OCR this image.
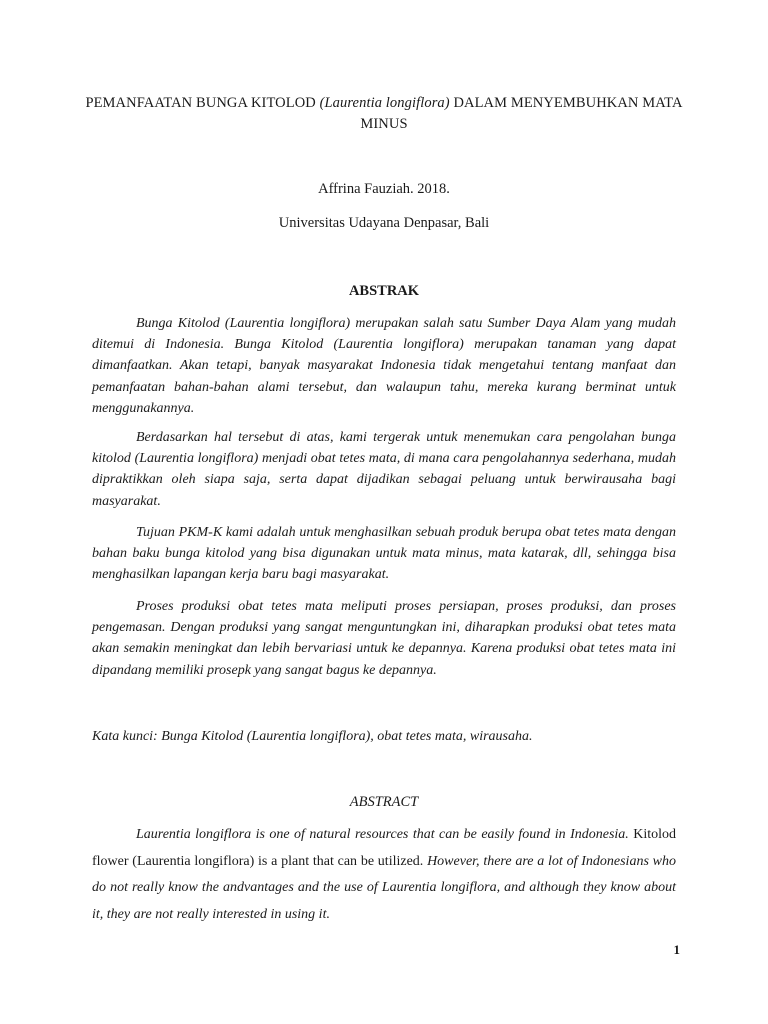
PEMANFAATAN BUNGA KITOLOD (Laurentia longiflora) DALAM MENYEMBUHKAN MATA MINUS
Affrina Fauziah. 2018.
Universitas Udayana Denpasar, Bali
ABSTRAK

Bunga Kitolod (Laurentia longiflora) merupakan salah satu Sumber Daya Alam yang mudah ditemui di Indonesia. Bunga Kitolod (Laurentia longiflora) merupakan tanaman yang dapat dimanfaatkan. Akan tetapi, banyak masyarakat Indonesia tidak mengetahui tentang manfaat dan pemanfaatan bahan-bahan alami tersebut, dan walaupun tahu, mereka kurang berminat untuk menggunakannya.

Berdasarkan hal tersebut di atas, kami tergerak untuk menemukan cara pengolahan bunga kitolod (Laurentia longiflora) menjadi obat tetes mata, di mana cara pengolahannya sederhana, mudah dipraktikkan oleh siapa saja, serta dapat dijadikan sebagai peluang untuk berwirausaha bagi masyarakat.

Tujuan PKM-K kami adalah untuk menghasilkan sebuah produk berupa obat tetes mata dengan bahan baku bunga kitolod yang bisa digunakan untuk mata minus, mata katarak, dll, sehingga bisa menghasilkan lapangan kerja baru bagi masyarakat.

Proses produksi obat tetes mata meliputi proses persiapan, proses produksi, dan proses pengemasan. Dengan produksi yang sangat menguntungkan ini, diharapkan produksi obat tetes mata akan semakin meningkat dan lebih bervariasi untuk ke depannya. Karena produksi obat tetes mata ini dipandang memiliki prosepk yang sangat bagus ke depannya.

Kata kunci: Bunga Kitolod (Laurentia longiflora), obat tetes mata, wirausaha.

ABSTRACT

Laurentia longiflora is one of natural resources that can be easily found in Indonesia. Kitolod flower (Laurentia longiflora) is a plant that can be utilized. However, there are a lot of Indonesians who do not really know the andvantages and the use of Laurentia longiflora, and although they know about it, they are not really interested in using it.

1
